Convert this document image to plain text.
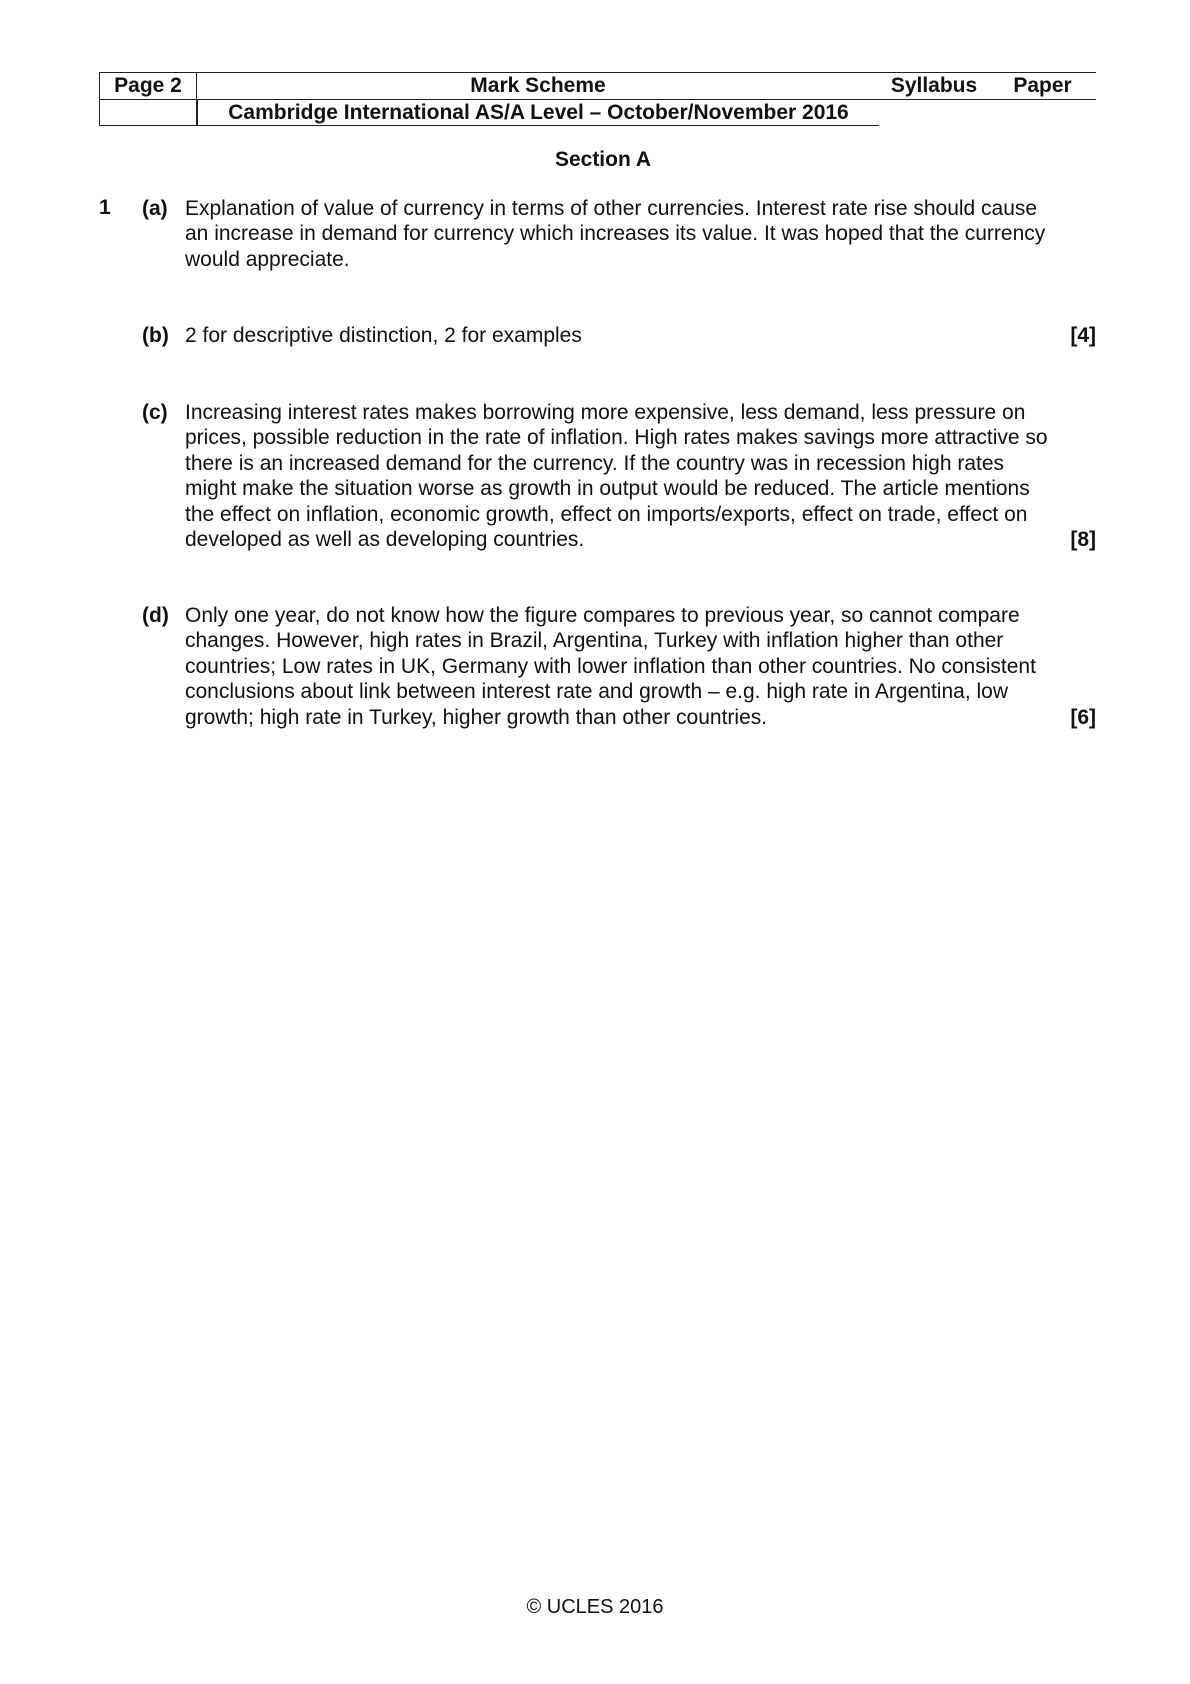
Page 2	Mark Scheme	Syllabus	Paper
Cambridge International AS/A Level – October/November 2016
Section A
1 (a) Explanation of value of currency in terms of other currencies. Interest rate rise should cause an increase in demand for currency which increases its value. It was hoped that the currency would appreciate.
(b) 2 for descriptive distinction, 2 for examples	[4]
(c) Increasing interest rates makes borrowing more expensive, less demand, less pressure on prices, possible reduction in the rate of inflation. High rates makes savings more attractive so there is an increased demand for the currency. If the country was in recession high rates might make the situation worse as growth in output would be reduced. The article mentions the effect on inflation, economic growth, effect on imports/exports, effect on trade, effect on developed as well as developing countries.	[8]
(d) Only one year, do not know how the figure compares to previous year, so cannot compare changes. However, high rates in Brazil, Argentina, Turkey with inflation higher than other countries; Low rates in UK, Germany with lower inflation than other countries. No consistent conclusions about link between interest rate and growth – e.g. high rate in Argentina, low growth; high rate in Turkey, higher growth than other countries.	[6]
© UCLES 2016
